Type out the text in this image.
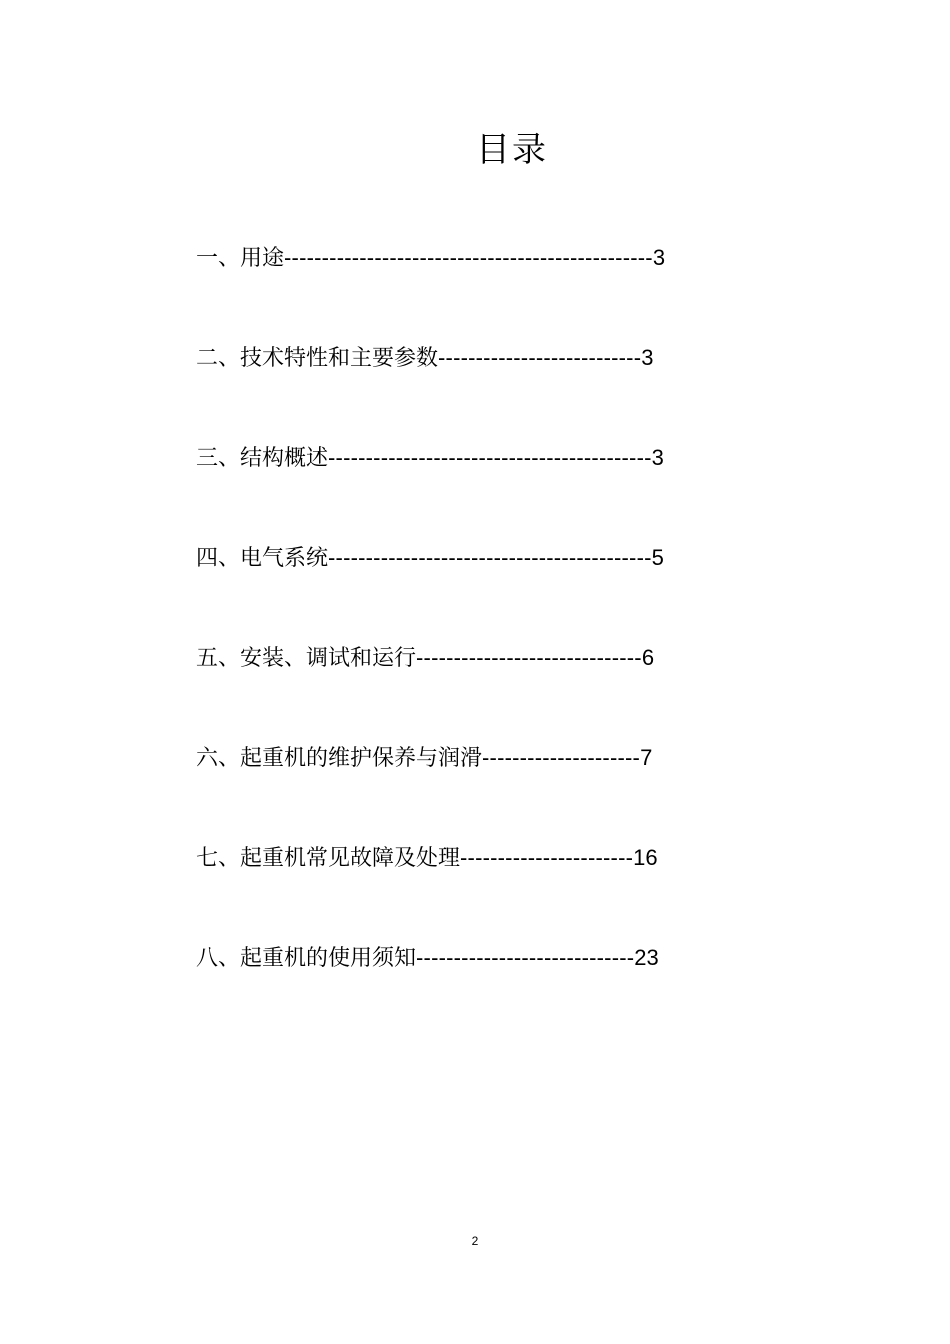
目录
一、用途-------------------------------------------------3
二、技术特性和主要参数---------------------------3
三、结构概述-------------------------------------------3
四、电气系统-------------------------------------------5
五、安装、调试和运行------------------------------6
六、起重机的维护保养与润滑---------------------7
七、起重机常见故障及处理-----------------------16
八、起重机的使用须知-----------------------------23
2
